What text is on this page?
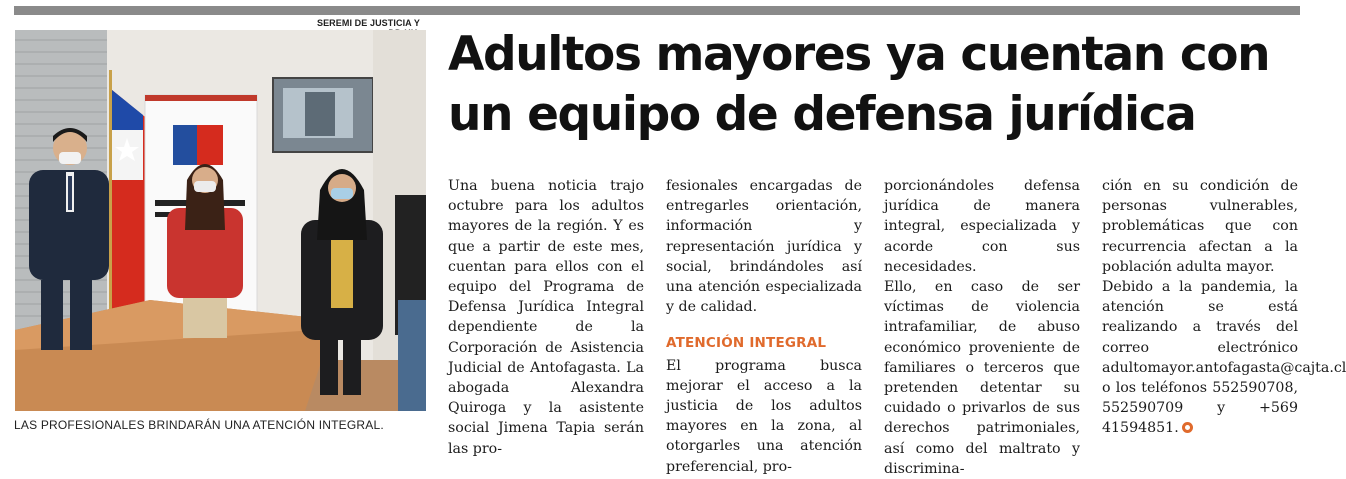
SEREMI DE JUSTICIA Y
LAS PROFESIONALES BRINDARÁN UNA ATENCIÓN INTEGRAL.
Adultos mayores ya cuentan con un equipo de defensa jurídica

Una buena noticia trajo octubre para los adultos mayores de la región. Y es que a partir de este mes, cuentan para ellos con el equipo del Programa de Defensa Jurídica Integral dependiente de la Corporación de Asistencia Judicial de Antofagasta. La abogada Alexandra Quiroga y la asistente social Jimena Tapia serán las pro-

fesionales encargadas de entregarles orientación, información y representación jurídica y social, brindándoles así una atención especializada y de calidad.

ATENCIÓN INTEGRAL

El programa busca mejorar el acceso a la justicia de los adultos mayores en la zona, al otorgarles una atención preferencial, pro-

porcionándoles defensa jurídica de manera integral, especializada y acorde con sus necesidades.

Ello, en caso de ser víctimas de violencia intrafamiliar, de abuso económico proveniente de familiares o terceros que pretenden detentar su cuidado o privarlos de sus derechos patrimoniales, así como del maltrato y discrimina-

ción en su condición de personas vulnerables, problemáticas que con recurrencia afectan a la población adulta mayor.

Debido a la pandemia, la atención se está realizando a través del correo electrónico adultomayor.antofagasta@cajta.cl o los teléfonos 552590708, 552590709 y +569 41594851.
